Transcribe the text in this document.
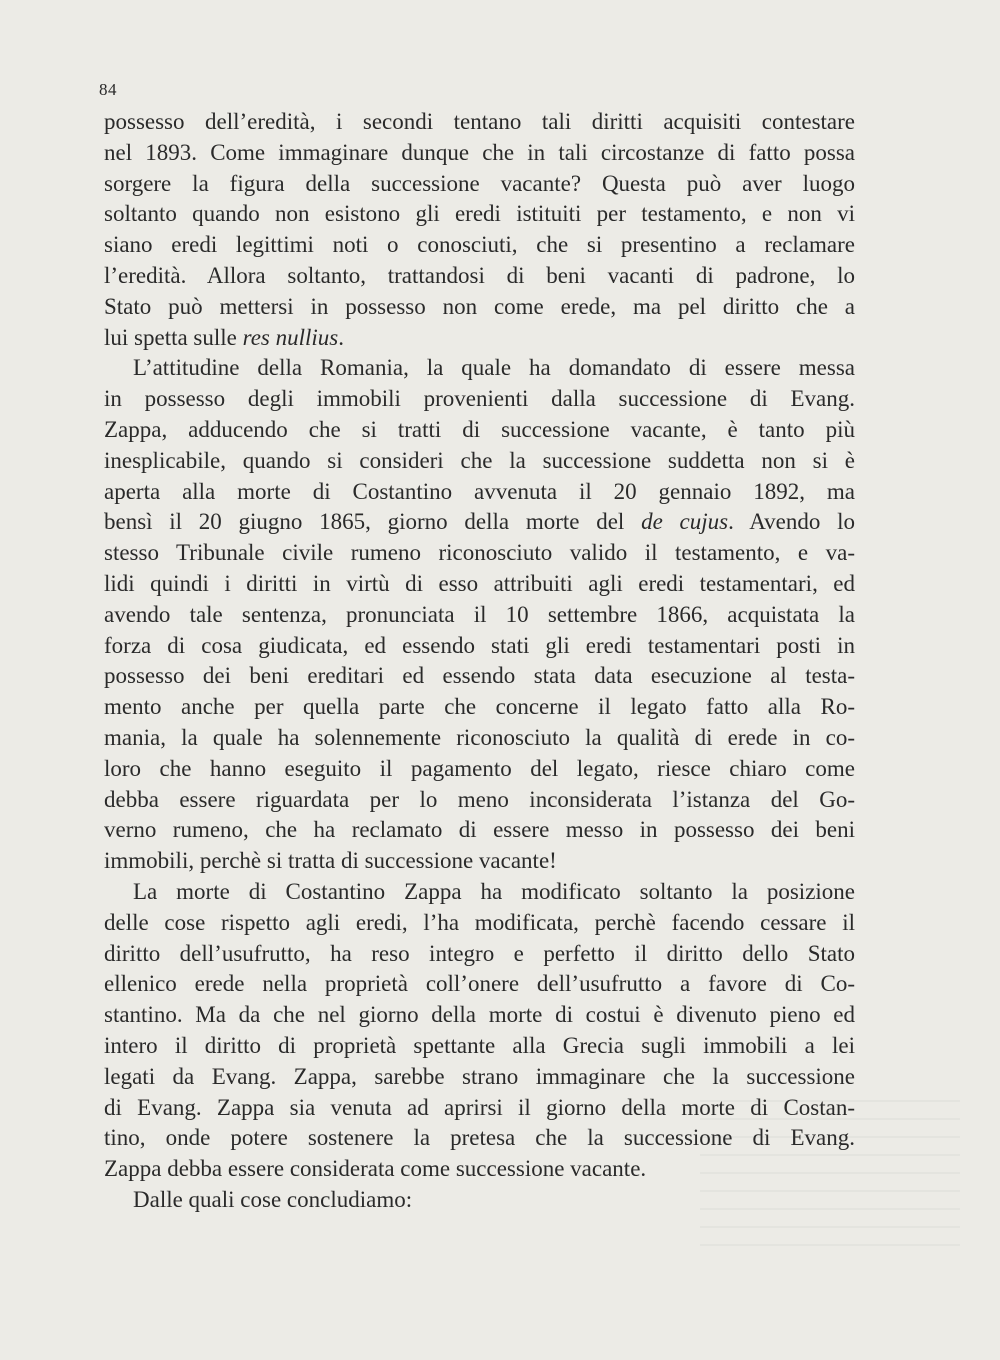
84
possesso dell’eredità, i secondi tentano tali diritti acquisiti contestare
nel 1893. Come immaginare dunque che in tali circostanze di fatto possa
sorgere la figura della successione vacante? Questa può aver luogo
soltanto quando non esistono gli eredi istituiti per testamento, e non vi
siano eredi legittimi noti o conosciuti, che si presentino a reclamare
l’eredità. Allora soltanto, trattandosi di beni vacanti di padrone, lo
Stato può mettersi in possesso non come erede, ma pel diritto che a
lui spetta sulle res nullius.
L’attitudine della Romania, la quale ha domandato di essere messa
in possesso degli immobili provenienti dalla successione di Evang.
Zappa, adducendo che si tratti di successione vacante, è tanto più
inesplicabile, quando si consideri che la successione suddetta non si è
aperta alla morte di Costantino avvenuta il 20 gennaio 1892, ma
bensì il 20 giugno 1865, giorno della morte del de cujus. Avendo lo
stesso Tribunale civile rumeno riconosciuto valido il testamento, e va-
lidi quindi i diritti in virtù di esso attribuiti agli eredi testamentari, ed
avendo tale sentenza, pronunciata il 10 settembre 1866, acquistata la
forza di cosa giudicata, ed essendo stati gli eredi testamentari posti in
possesso dei beni ereditari ed essendo stata data esecuzione al testa-
mento anche per quella parte che concerne il legato fatto alla Ro-
mania, la quale ha solennemente riconosciuto la qualità di erede in co-
loro che hanno eseguito il pagamento del legato, riesce chiaro come
debba essere riguardata per lo meno inconsiderata l’istanza del Go-
verno rumeno, che ha reclamato di essere messo in possesso dei beni
immobili, perchè si tratta di successione vacante!
La morte di Costantino Zappa ha modificato soltanto la posizione
delle cose rispetto agli eredi, l’ha modificata, perchè facendo cessare il
diritto dell’usufrutto, ha reso integro e perfetto il diritto dello Stato
ellenico erede nella proprietà coll’onere dell’usufrutto a favore di Co-
stantino. Ma da che nel giorno della morte di costui è divenuto pieno ed
intero il diritto di proprietà spettante alla Grecia sugli immobili a lei
legati da Evang. Zappa, sarebbe strano immaginare che la successione
di Evang. Zappa sia venuta ad aprirsi il giorno della morte di Costan-
tino, onde potere sostenere la pretesa che la successione di Evang.
Zappa debba essere considerata come successione vacante.
Dalle quali cose concludiamo:
